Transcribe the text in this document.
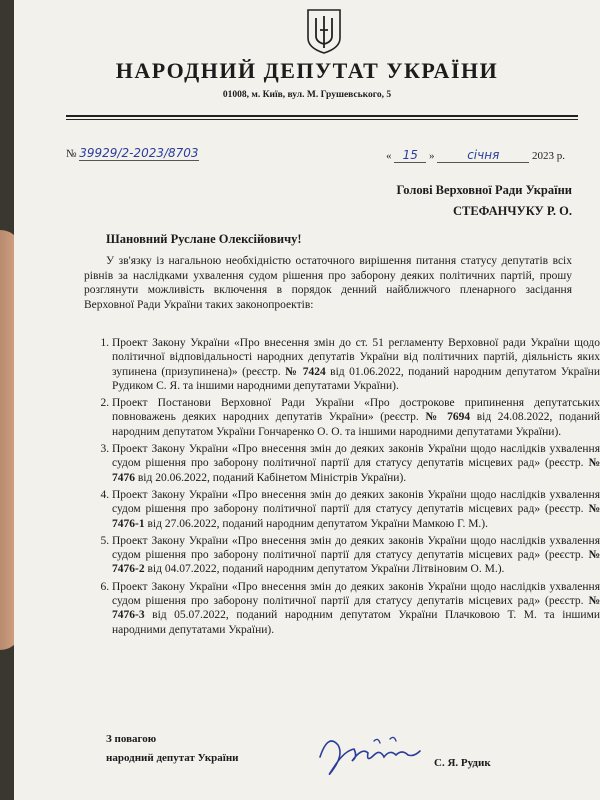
НАРОДНИЙ ДЕПУТАТ УКРАЇНИ
01008, м. Київ, вул. М. Грушевського, 5
№ 39929/2-2023/8703	« 15 »	січня	2023 р.
Голові Верховної Ради України
СТЕФАНЧУКУ Р. О.
Шановний Руслане Олексійовичу!

У зв'язку із нагальною необхідністю остаточного вирішення питання статусу депутатів всіх рівнів за наслідками ухвалення судом рішення про заборону деяких політичних партій, прошу розглянути можливість включення в порядок денний найближчого пленарного засідання Верховної Ради України таких законопроектів:

1. Проект Закону України «Про внесення змін до ст. 51 регламенту Верховної ради України щодо політичної відповідальності народних депутатів України від політичних партій, діяльність яких зупинена (призупинена)» (реєстр. № 7424 від 01.06.2022, поданий народним депутатом України Рудиком С. Я. та іншими народними депутатами України).
2. Проект Постанови Верховної Ради України «Про дострокове припинення депутатських повноважень деяких народних депутатів України» (реєстр. № 7694 від 24.08.2022, поданий народним депутатом України Гончаренко О. О. та іншими народними депутатами України).
3. Проект Закону України «Про внесення змін до деяких законів України щодо наслідків ухвалення судом рішення про заборону політичної партії для статусу депутатів місцевих рад» (реєстр. № 7476 від 20.06.2022, поданий Кабінетом Міністрів України).
4. Проект Закону України «Про внесення змін до деяких законів України щодо наслідків ухвалення судом рішення про заборону політичної партії для статусу депутатів місцевих рад» (реєстр. № 7476-1 від 27.06.2022, поданий народним депутатом України Мамкою Г. М.).
5. Проект Закону України «Про внесення змін до деяких законів України щодо наслідків ухвалення судом рішення про заборону політичної партії для статусу депутатів місцевих рад» (реєстр. № 7476-2 від 04.07.2022, поданий народним депутатом України Літвіновим О. М.).
6. Проект Закону України «Про внесення змін до деяких законів України щодо наслідків ухвалення судом рішення про заборону політичної партії для статусу депутатів місцевих рад» (реєстр. № 7476-3 від 05.07.2022, поданий народним депутатом України Плачковою Т. М. та іншими народними депутатами України).
З повагою
народний депутат України	С. Я. Рудик
